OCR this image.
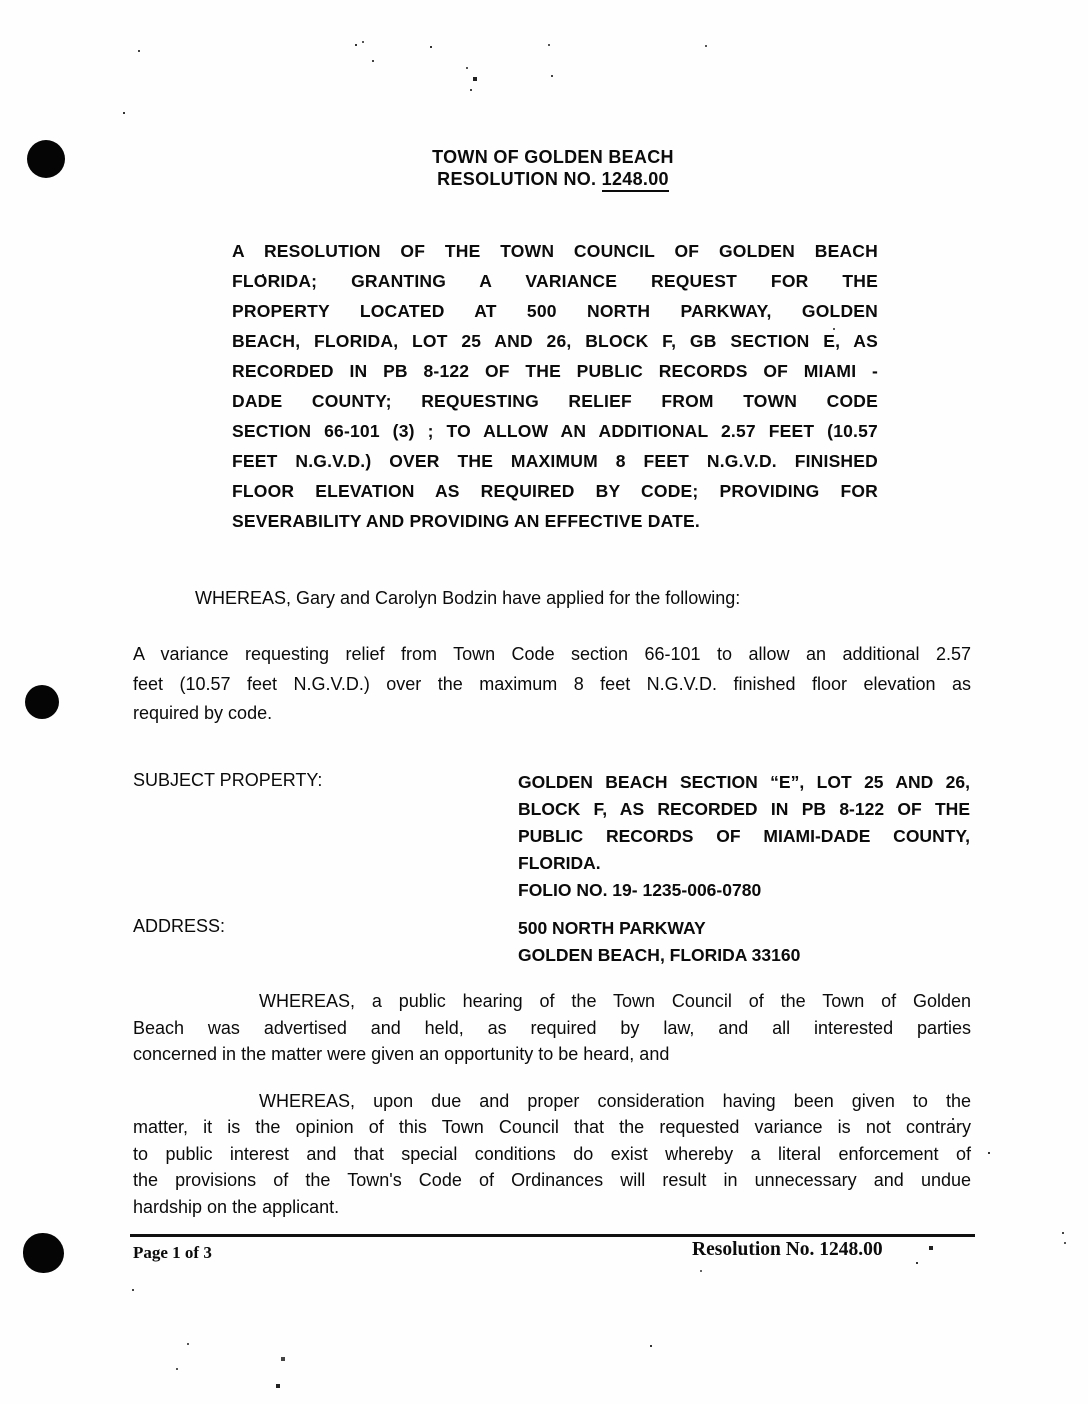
TOWN OF GOLDEN BEACH
RESOLUTION NO. 1248.00
A RESOLUTION OF THE TOWN COUNCIL OF GOLDEN BEACH
FLORIDA; GRANTING A VARIANCE REQUEST FOR THE
PROPERTY LOCATED AT 500 NORTH PARKWAY, GOLDEN
BEACH, FLORIDA, LOT 25 AND 26, BLOCK F, GB SECTION E, AS
RECORDED IN PB 8-122 OF THE PUBLIC RECORDS OF MIAMI -
DADE COUNTY; REQUESTING RELIEF FROM TOWN CODE
SECTION 66-101 (3) ; TO ALLOW AN ADDITIONAL 2.57 FEET (10.57
FEET N.G.V.D.) OVER THE MAXIMUM 8 FEET N.G.V.D. FINISHED
FLOOR ELEVATION AS REQUIRED BY CODE; PROVIDING FOR
SEVERABILITY AND PROVIDING AN EFFECTIVE DATE.
WHEREAS, Gary and Carolyn Bodzin have applied for the following:
A variance requesting relief from Town Code section 66-101 to allow an additional 2.57
feet (10.57 feet N.G.V.D.) over the maximum 8 feet N.G.V.D. finished floor elevation as
required by code.
SUBJECT PROPERTY:	GOLDEN BEACH SECTION “E”, LOT 25 AND 26,
BLOCK F, AS RECORDED IN PB 8-122 OF THE
PUBLIC RECORDS OF MIAMI-DADE COUNTY,
FLORIDA.
FOLIO NO. 19- 1235-006-0780
ADDRESS:	500 NORTH PARKWAY
GOLDEN BEACH, FLORIDA 33160
WHEREAS, a public hearing of the Town Council of the Town of Golden
Beach was advertised and held, as required by law, and all interested parties
concerned in the matter were given an opportunity to be heard, and
WHEREAS, upon due and proper consideration having been given to the
matter, it is the opinion of this Town Council that the requested variance is not contrary
to public interest and that special conditions do exist whereby a literal enforcement of
the provisions of the Town's Code of Ordinances will result in unnecessary and undue
hardship on the applicant.
Page 1 of 3	Resolution No. 1248.00
